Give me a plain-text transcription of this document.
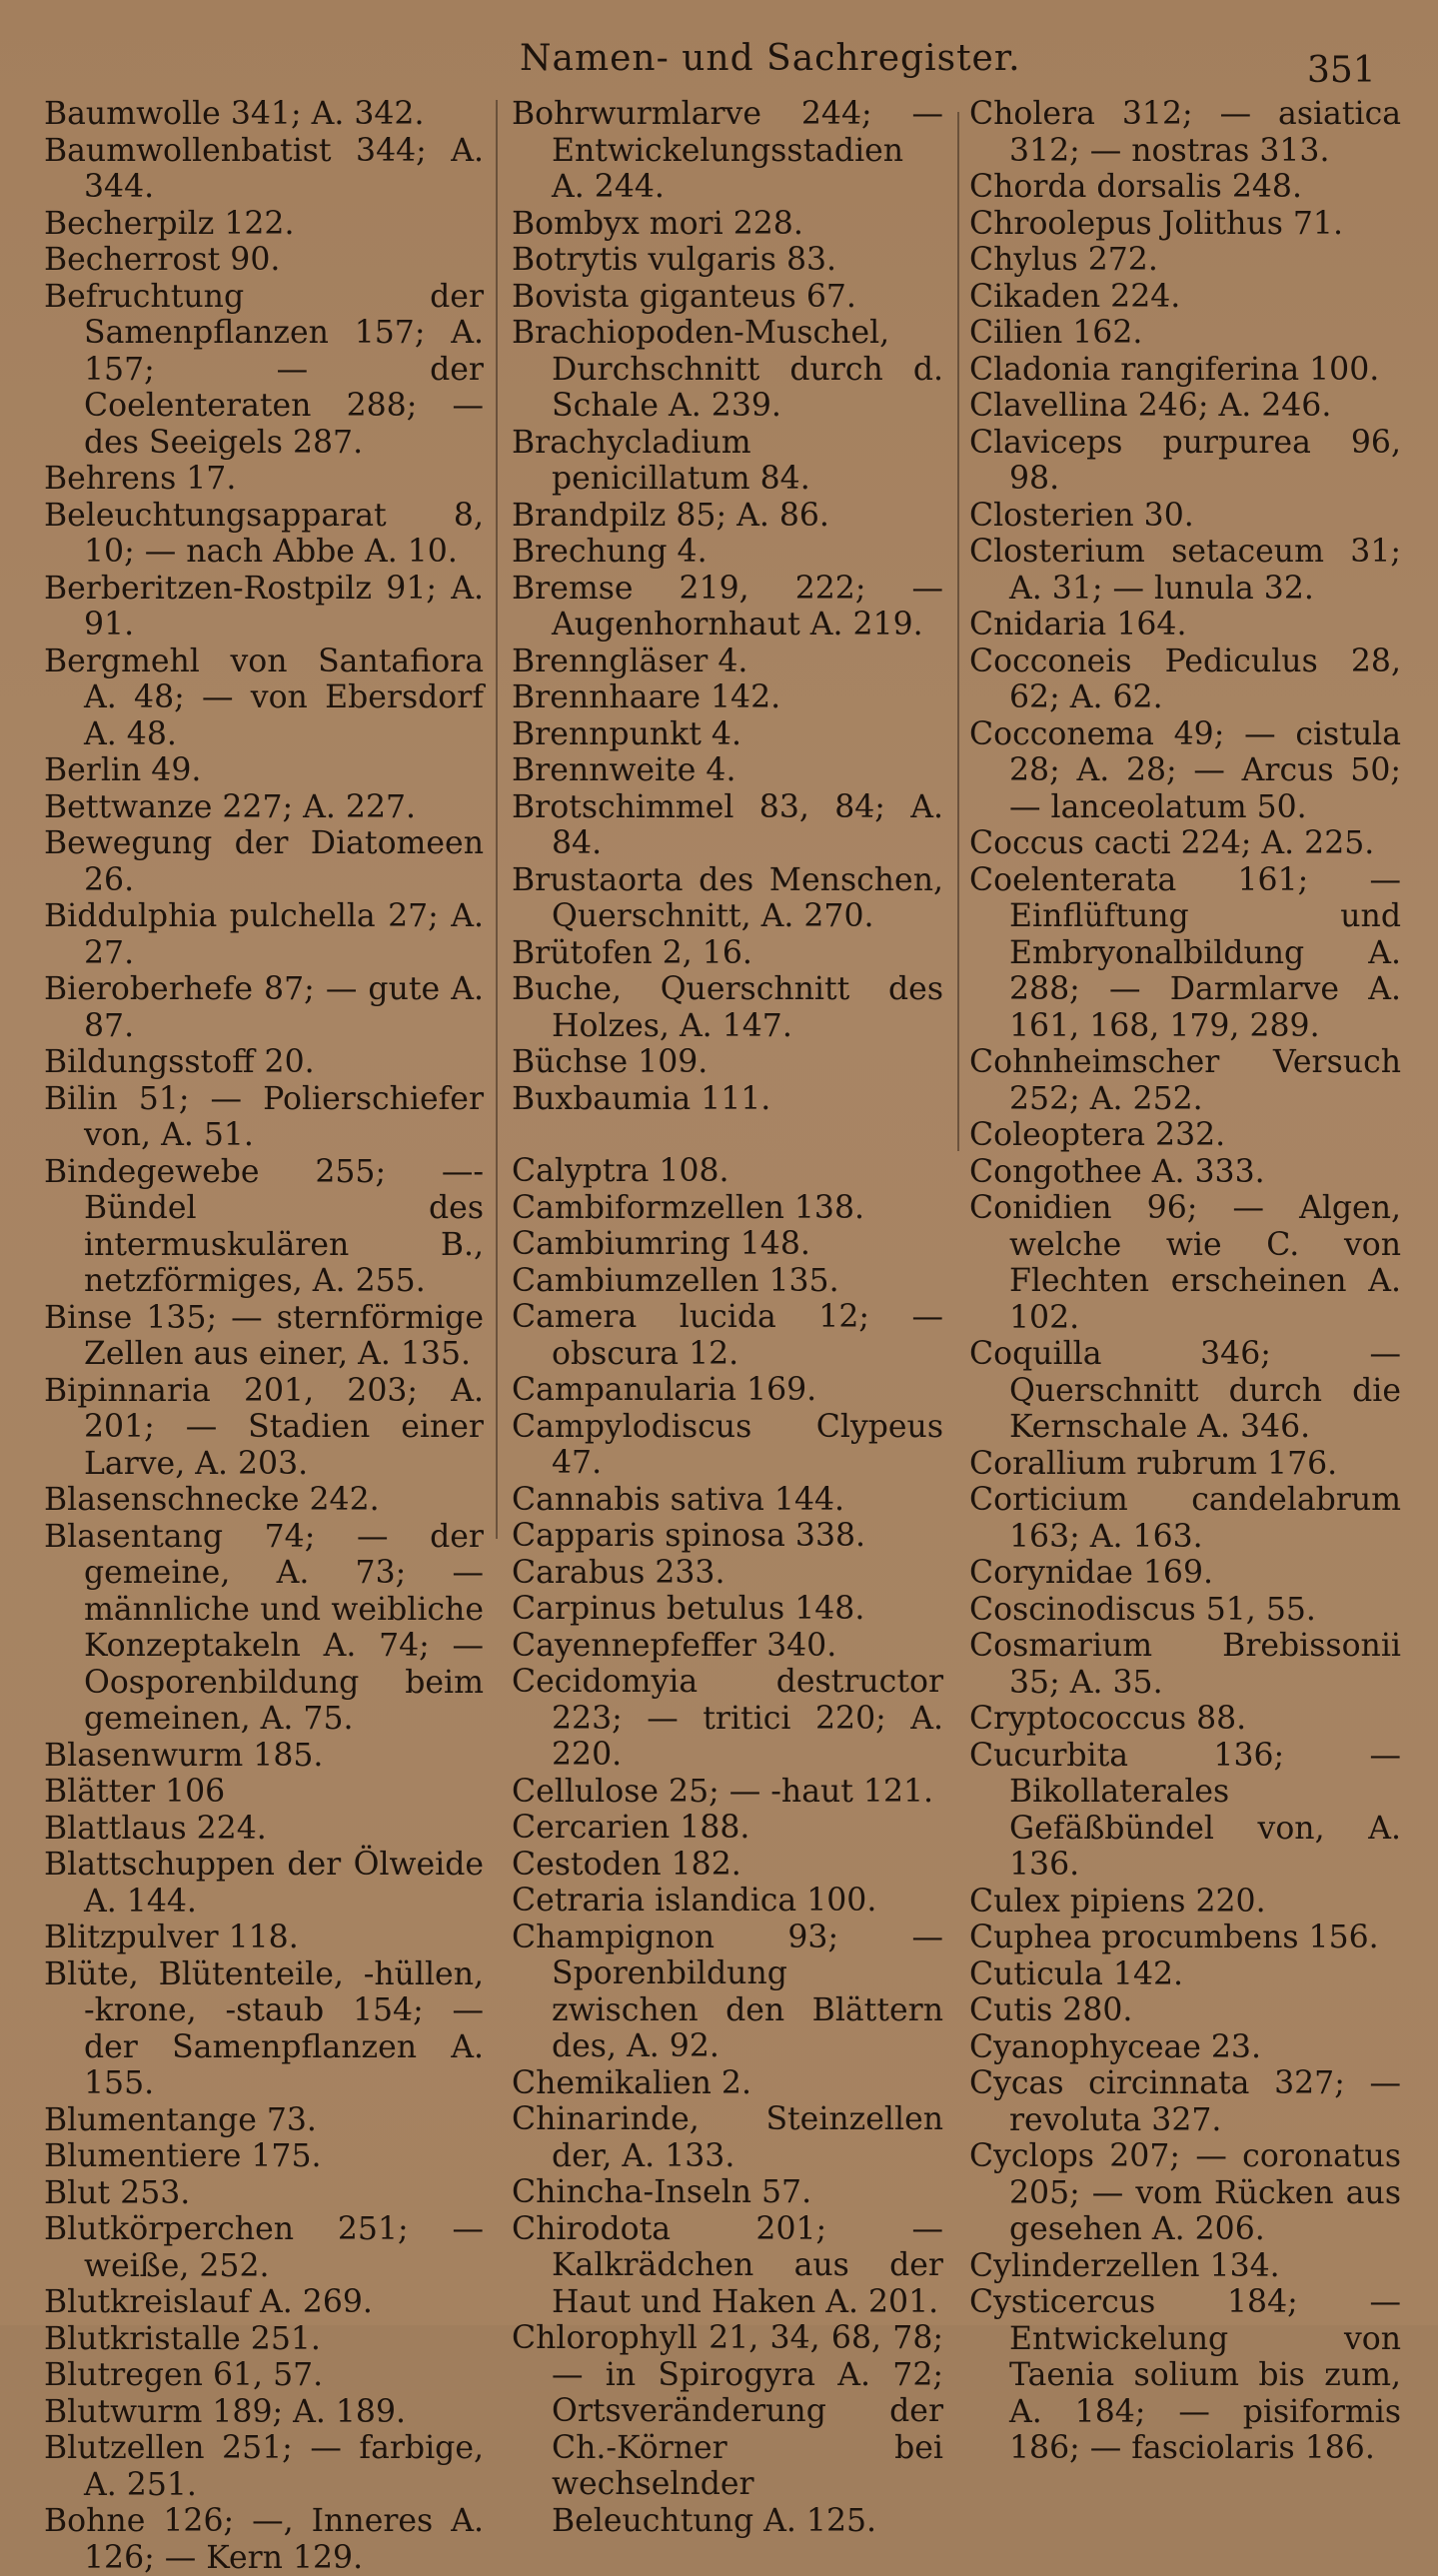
Namen- und Sachregister.	351

Baumwolle 341; A. 342.

Baumwollenbatist 344; A. 344.

Becherpilz 122.

Becherrost 90.

Befruchtung der Samenpflanzen 157; A. 157; — der Coelenteraten 288; — des Seeigels 287.

Behrens 17.

Beleuchtungsapparat 8, 10; — nach Abbe A. 10.

Berberitzen-Rostpilz 91; A. 91.

Bergmehl von Santafiora A. 48; — von Ebersdorf A. 48.

Berlin 49.

Bettwanze 227; A. 227.

Bewegung der Diatomeen 26.

Biddulphia pulchella 27; A. 27.

Bieroberhefe 87; — gute A. 87.

Bildungsstoff 20.

Bilin 51; — Polierschiefer von, A. 51.

Bindegewebe 255; —-Bündel des intermuskulären B., netzförmiges, A. 255.

Binse 135; — sternförmige Zellen aus einer, A. 135.

Bipinnaria 201, 203; A. 201; — Stadien einer Larve, A. 203.

Blasenschnecke 242.

Blasentang 74; — der gemeine, A. 73; — männliche und weibliche Konzeptakeln A. 74; — Oosporenbildung beim gemeinen, A. 75.

Blasenwurm 185.

Blätter 106

Blattlaus 224.

Blattschuppen der Ölweide A. 144.

Blitzpulver 118.

Blüte, Blütenteile, -hüllen, -krone, -staub 154; — der Samenpflanzen A. 155.

Blumentange 73.

Blumentiere 175.

Blut 253.

Blutkörperchen 251; — weiße, 252.

Blutkreislauf A. 269.

Blutkristalle 251.

Blutregen 61, 57.

Blutwurm 189; A. 189.

Blutzellen 251; — farbige, A. 251.

Bohne 126; —, Inneres A. 126; — Kern 129.

Bohrwurmlarve 244; — Entwickelungsstadien A. 244.

Bombyx mori 228.

Botrytis vulgaris 83.

Bovista giganteus 67.

Brachiopoden-Muschel, Durchschnitt durch d. Schale A. 239.

Brachycladium penicillatum 84.

Brandpilz 85; A. 86.

Brechung 4.

Bremse 219, 222; — Augenhornhaut A. 219.

Brenngläser 4.

Brennhaare 142.

Brennpunkt 4.

Brennweite 4.

Brotschimmel 83, 84; A. 84.

Brustaorta des Menschen, Querschnitt, A. 270.

Brütofen 2, 16.

Buche, Querschnitt des Holzes, A. 147.

Büchse 109.

Buxbaumia 111.

Calyptra 108.

Cambiformzellen 138.

Cambiumring 148.

Cambiumzellen 135.

Camera lucida 12; — obscura 12.

Campanularia 169.

Campylodiscus Clypeus 47.

Cannabis sativa 144.

Capparis spinosa 338.

Carabus 233.

Carpinus betulus 148.

Cayennepfeffer 340.

Cecidomyia destructor 223; — tritici 220; A. 220.

Cellulose 25; — -haut 121.

Cercarien 188.

Cestoden 182.

Cetraria islandica 100.

Champignon 93; — Sporenbildung zwischen den Blättern des, A. 92.

Chemikalien 2.

Chinarinde, Steinzellen der, A. 133.

Chincha-Inseln 57.

Chirodota 201; — Kalkrädchen aus der Haut und Haken A. 201.

Chlorophyll 21, 34, 68, 78; — in Spirogyra A. 72; Ortsveränderung der Ch.-Körner bei wechselnder Beleuchtung A. 125.

Cholera 312; — asiatica 312; — nostras 313.

Chorda dorsalis 248.

Chroolepus Jolithus 71.

Chylus 272.

Cikaden 224.

Cilien 162.

Cladonia rangiferina 100.

Clavellina 246; A. 246.

Claviceps purpurea 96, 98.

Closterien 30.

Closterium setaceum 31; A. 31; — lunula 32.

Cnidaria 164.

Cocconeis Pediculus 28, 62; A. 62.

Cocconema 49; — cistula 28; A. 28; — Arcus 50; — lanceolatum 50.

Coccus cacti 224; A. 225.

Coelenterata 161; — Einflüftung und Embryonalbildung A. 288; — Darmlarve A. 161, 168, 179, 289.

Cohnheimscher Versuch 252; A. 252.

Coleoptera 232.

Congothee A. 333.

Conidien 96; — Algen, welche wie C. von Flechten erscheinen A. 102.

Coquilla 346; — Querschnitt durch die Kernschale A. 346.

Corallium rubrum 176.

Corticium candelabrum 163; A. 163.

Corynidae 169.

Coscinodiscus 51, 55.

Cosmarium Brebissonii 35; A. 35.

Cryptococcus 88.

Cucurbita 136; — Bikollaterales Gefäßbündel von, A. 136.

Culex pipiens 220.

Cuphea procumbens 156.

Cuticula 142.

Cutis 280.

Cyanophyceae 23.

Cycas circinnata 327; — revoluta 327.

Cyclops 207; — coronatus 205; — vom Rücken aus gesehen A. 206.

Cylinderzellen 134.

Cysticercus 184; — Entwickelung von Taenia solium bis zum, A. 184; — pisiformis 186; — fasciolaris 186.
